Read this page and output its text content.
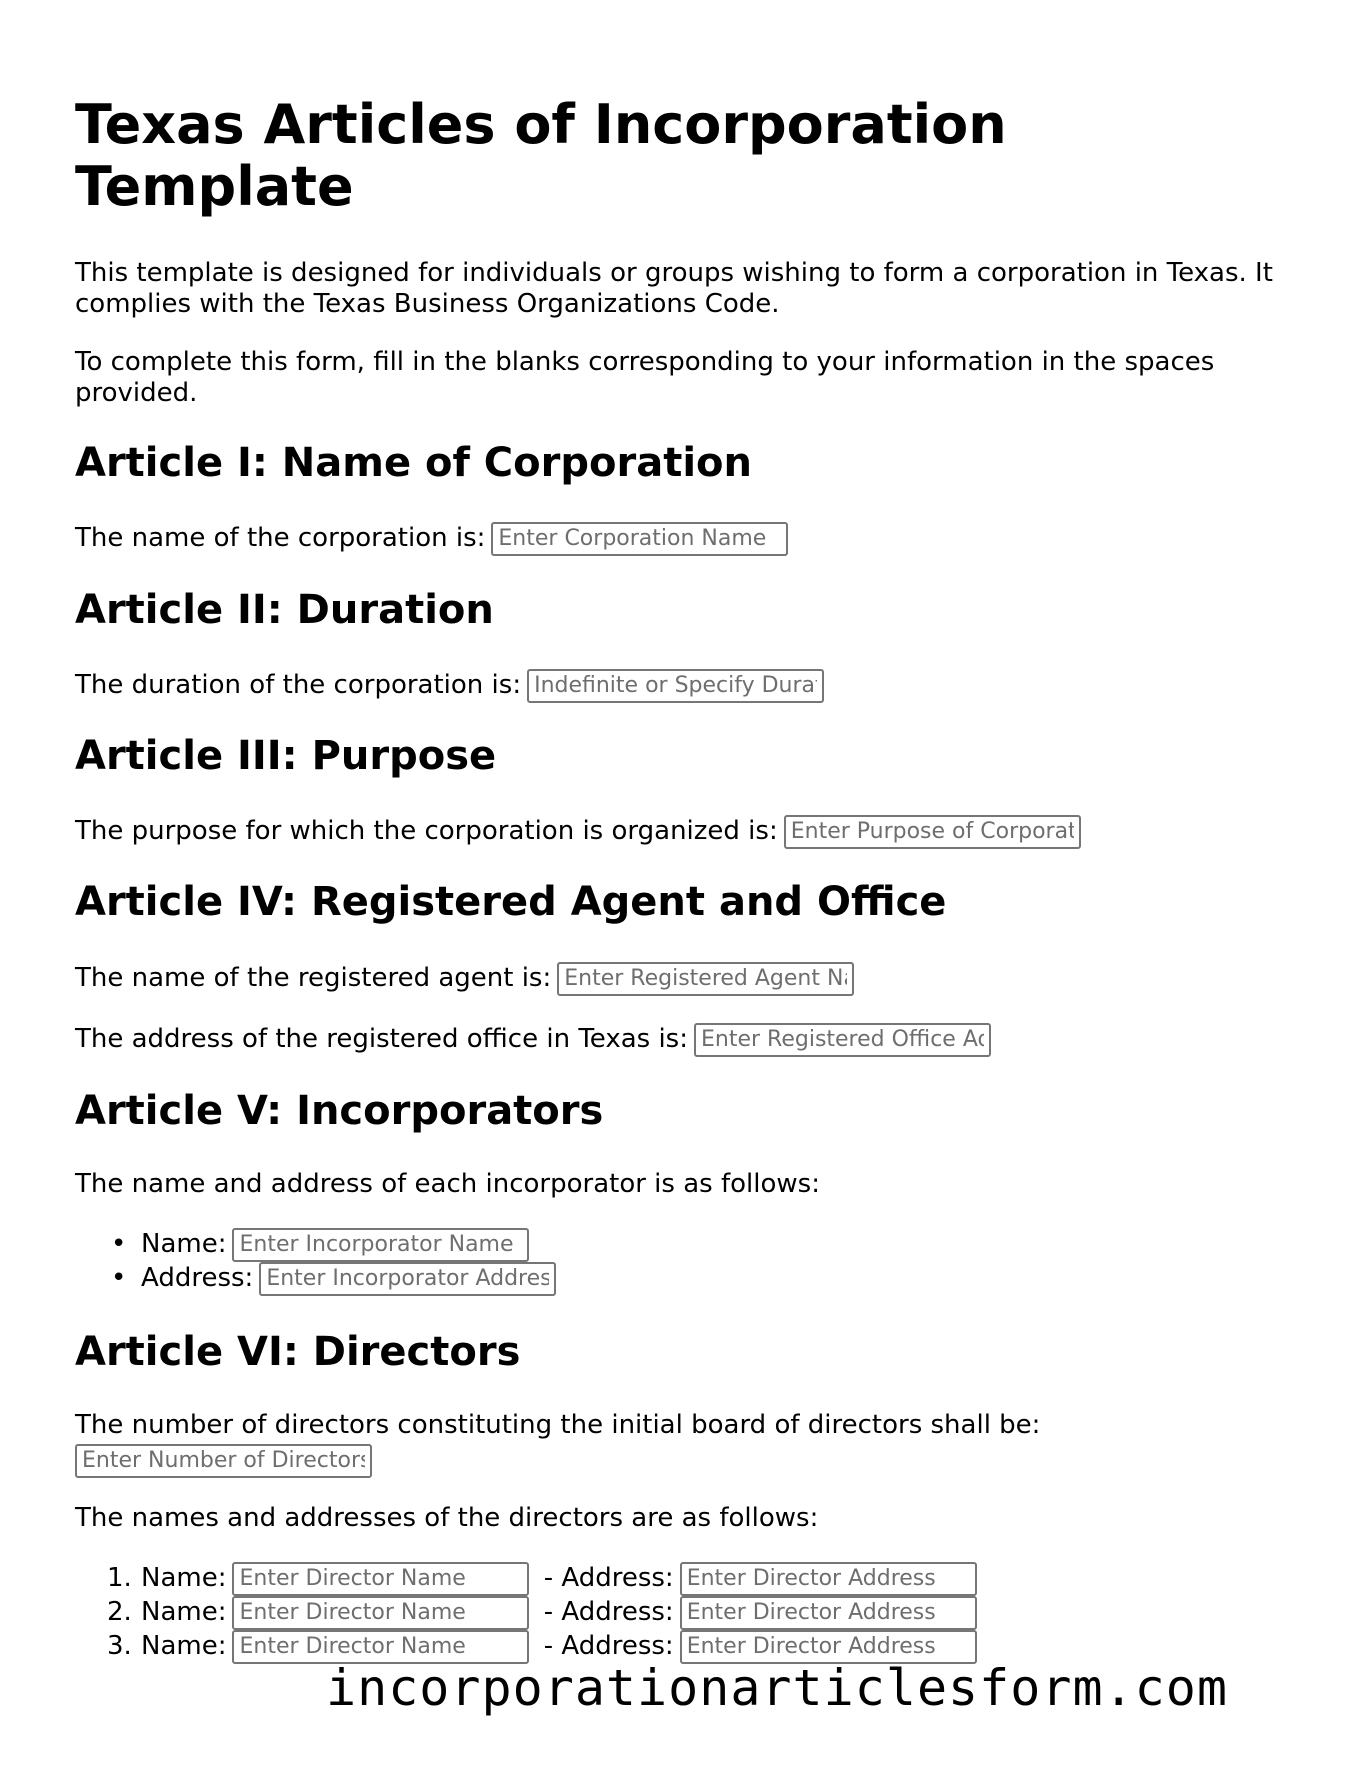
Texas Articles of Incorporation Template

This template is designed for individuals or groups wishing to form a corporation in Texas. It complies with the Texas Business Organizations Code.

To complete this form, fill in the blanks corresponding to your information in the spaces provided.

Article I: Name of Corporation
The name of the corporation is:Enter Corporation Name
Article II: Duration
The duration of the corporation is:Indefinite or Specify Duration
Article III: Purpose
The purpose for which the corporation is organized is:Enter Purpose of Corporation
Article IV: Registered Agent and Office
The name of the registered agent is:Enter Registered Agent Name
The address of the registered office in Texas is:Enter Registered Office Address
Article V: Incorporators

The name and address of each incorporator is as follows:

• Name:Enter Incorporator Name
• Address:Enter Incorporator Address
Article VI: Directors

The number of directors constituting the initial board of directors shall be:

Enter Number of Directors

The names and addresses of the directors are as follows:

1. Name:Enter Director Name	- Address:Enter Director Address
2. Name:Enter Director Name	- Address:Enter Director Address
3. Name:Enter Director Name	- Address:Enter Director Address
incorporationarticlesform.com
